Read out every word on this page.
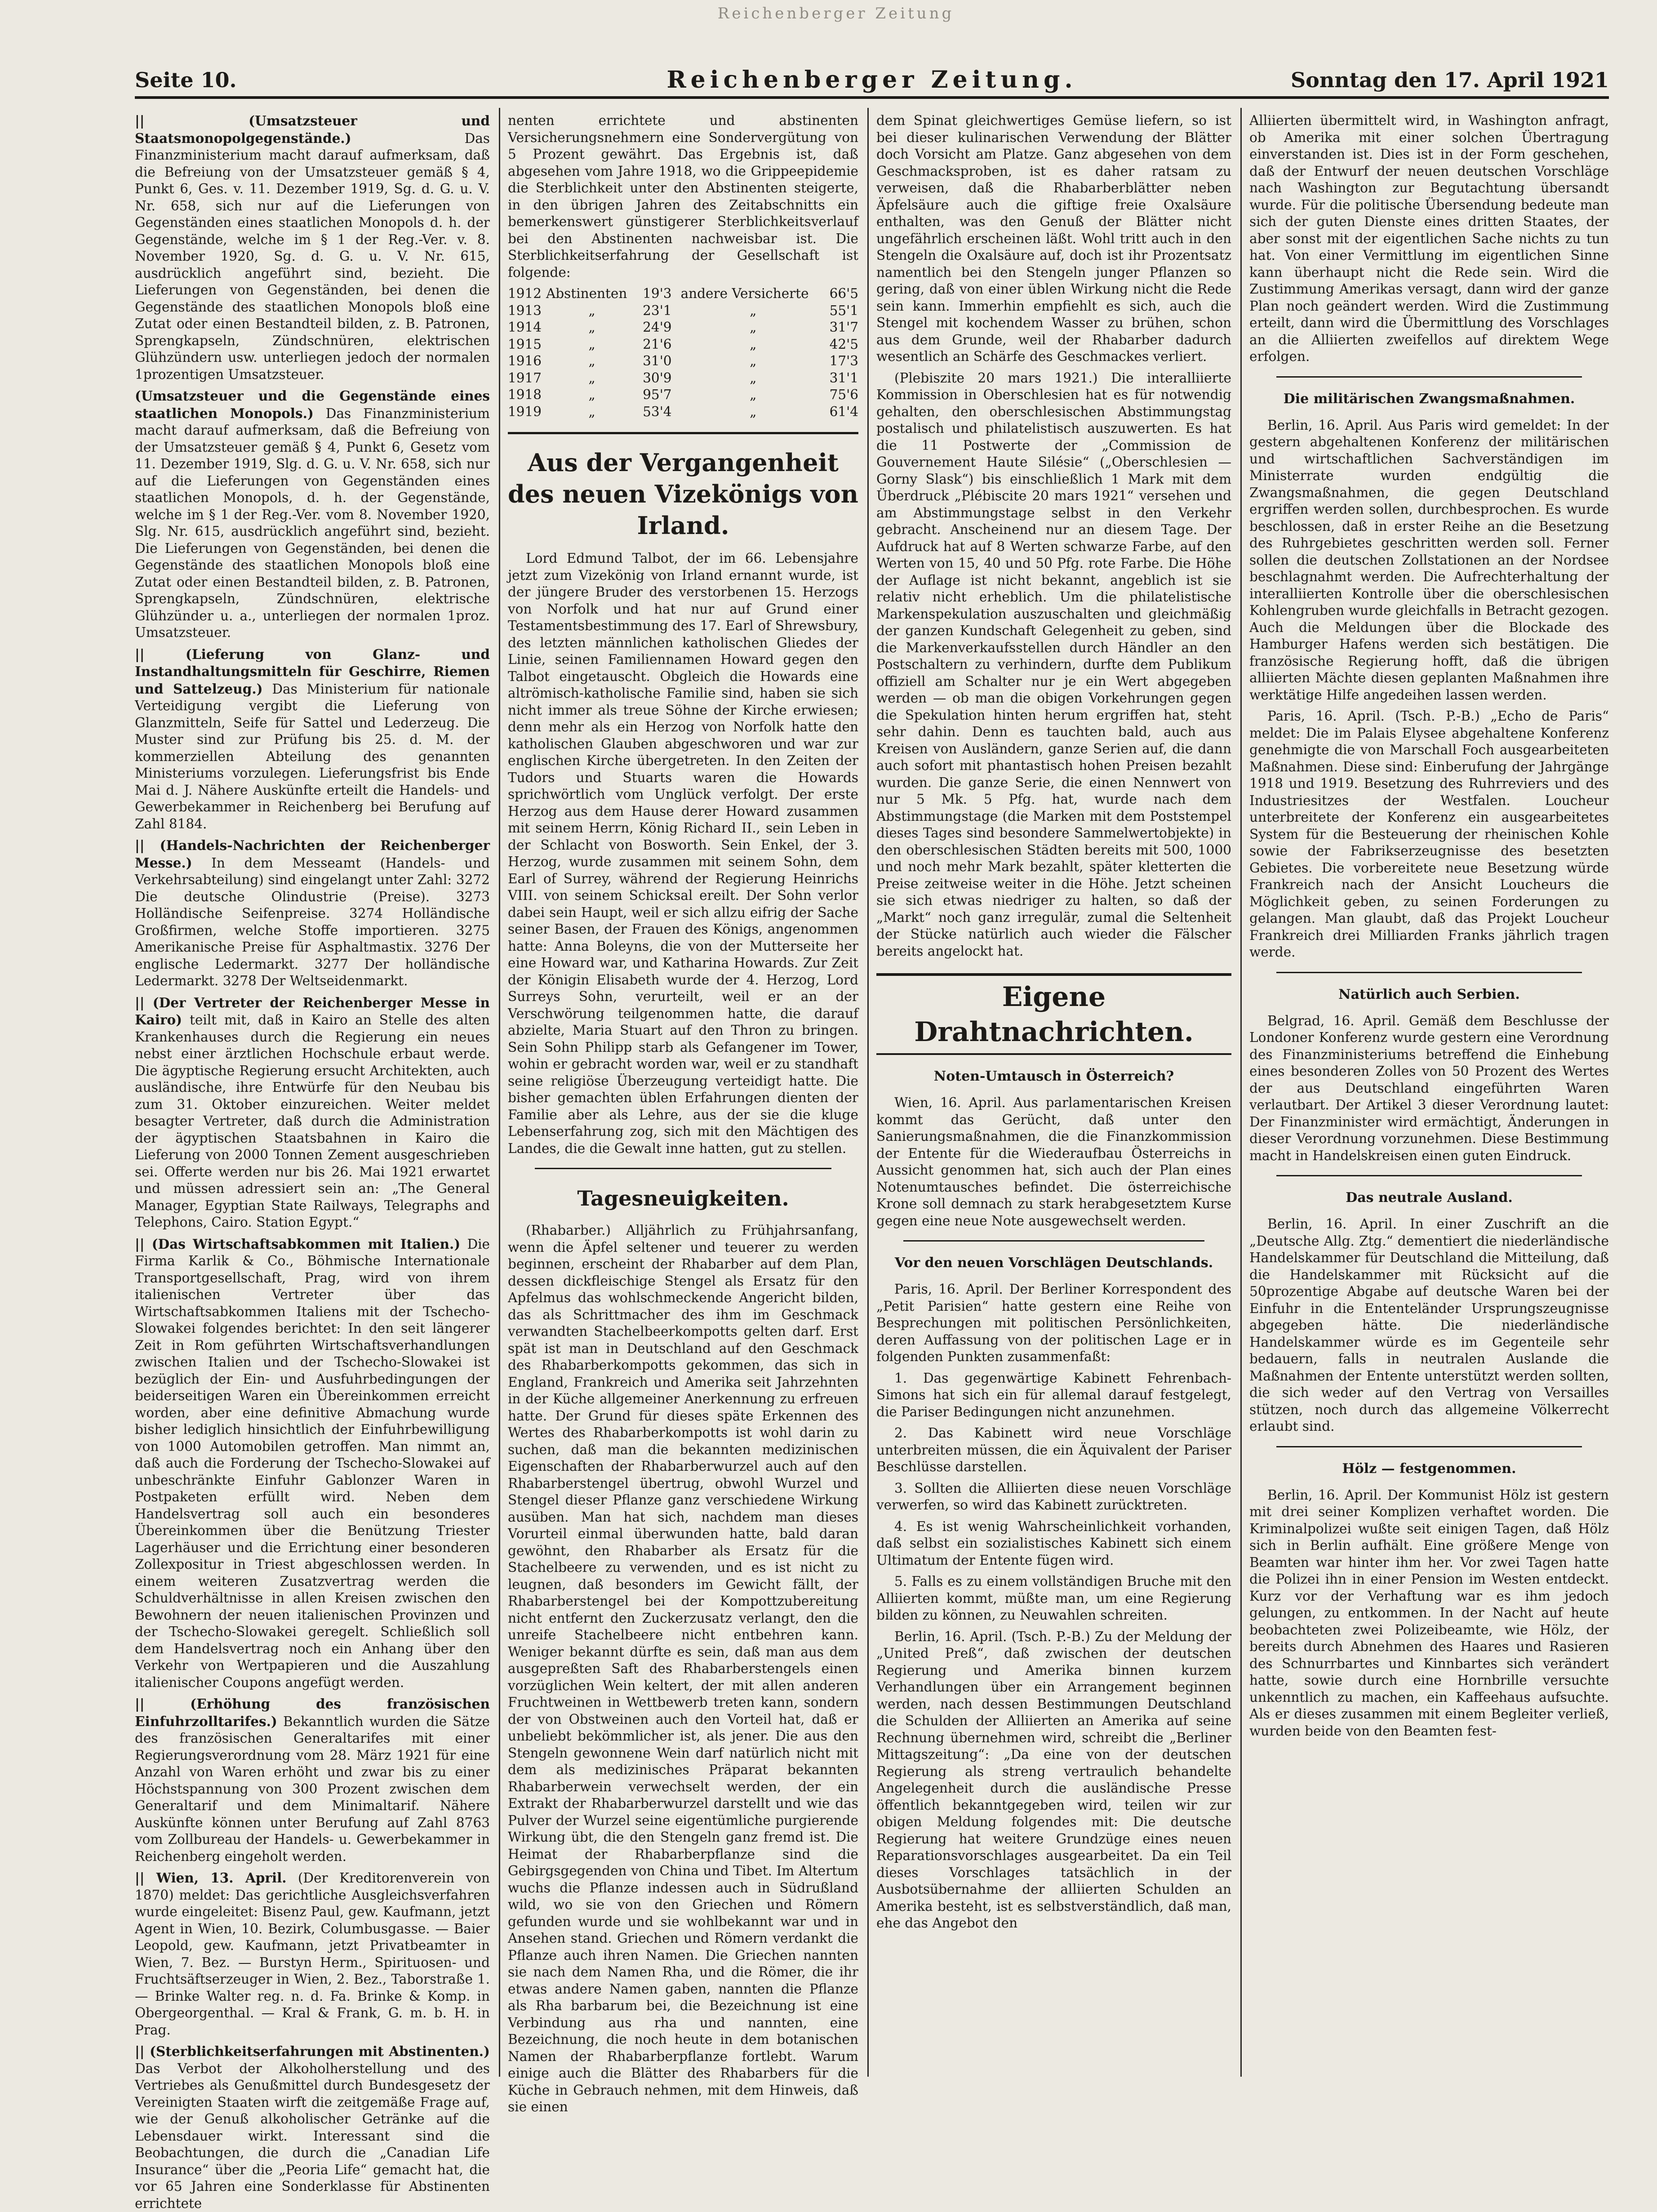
Reichenberger Zeitung
Seite 10.	Reichenberger Zeitung.	Sonntag den 17. April 1921

|| (Umsatzsteuer und Staatsmonopolgegenstände.)	Das Finanzministerium macht darauf aufmerksam, daß die Befreiung von der Umsatzsteuer gemäß § 4, Punkt 6, Ges. v. 11. Dezember 1919, Sg. d. G. u. V. Nr. 658, sich nur auf die Lieferungen von Gegenständen eines staatlichen Monopols d. h. der Gegenstände, welche im § 1 der Reg.-Ver. v. 8. November 1920, Sg. d. G. u. V. Nr. 615, ausdrücklich angeführt sind, bezieht. Die Lieferungen von Gegenständen, bei denen die Gegenstände des staatlichen Monopols bloß eine Zutat oder einen Bestandteil bilden, z. B. Patronen, Sprengkapseln, Zündschnüren, elektrischen Glühzündern usw. unterliegen jedoch der normalen 1prozentigen Umsatzsteuer.

(Umsatzsteuer und die Gegenstände eines staatlichen Monopols.) Das Finanzministerium macht darauf aufmerksam, daß die Befreiung von der Umsatzsteuer gemäß § 4, Punkt 6, Gesetz vom 11. Dezember 1919, Slg. d. G. u. V. Nr. 658, sich nur auf die Lieferungen von Gegenständen eines staatlichen Monopols, d. h. der Gegenstände, welche im § 1 der Reg.-Ver. vom 8. November 1920, Slg. Nr. 615, ausdrücklich angeführt sind, bezieht. Die Lieferungen von Gegenständen, bei denen die Gegenstände des staatlichen Monopols bloß eine Zutat oder einen Bestandteil bilden, z. B. Patronen, Sprengkapseln, Zündschnüren, elektrische Glühzünder u. a., unterliegen der normalen 1proz. Umsatzsteuer.

|| (Lieferung von Glanz- und Instandhaltungsmitteln für Geschirre, Riemen und Sattelzeug.) Das Ministerium für nationale Verteidigung vergibt die Lieferung von Glanzmitteln, Seife für Sattel und Lederzeug. Die Muster sind zur Prüfung bis 25. d. M. der kommerziellen Abteilung des genannten Ministeriums vorzulegen. Lieferungsfrist bis Ende Mai d. J. Nähere Auskünfte erteilt die Handels- und Gewerbekammer in Reichenberg bei Berufung auf Zahl 8184.

|| (Handels-Nachrichten der Reichenberger Messe.) In dem Messeamt (Handels- und Verkehrsabteilung) sind eingelangt unter Zahl: 3272 Die deutsche Olindustrie (Preise). 3273 Holländische Seifenpreise. 3274 Holländische Großfirmen, welche Stoffe importieren. 3275 Amerikanische Preise für Asphaltmastix. 3276 Der englische Ledermarkt. 3277 Der holländische Ledermarkt. 3278 Der Weltseidenmarkt.

|| (Der Vertreter der Reichenberger Messe in Kairo) teilt mit, daß in Kairo an Stelle des alten Krankenhauses durch die Regierung ein neues nebst einer ärztlichen Hochschule erbaut werde. Die ägyptische Regierung ersucht Architekten, auch ausländische, ihre Entwürfe für den Neubau bis zum 31. Oktober einzureichen. Weiter meldet besagter Vertreter, daß durch die Administration der ägyptischen Staatsbahnen in Kairo die Lieferung von 2000 Tonnen Zement ausgeschrieben sei. Offerte werden nur bis 26. Mai 1921 erwartet und müssen adressiert sein an: „The General Manager, Egyptian State Railways, Telegraphs and Telephons, Cairo. Station Egypt.“

|| (Das Wirtschaftsabkommen mit Italien.) Die Firma Karlik & Co., Böhmische Internationale Transportgesellschaft, Prag, wird von ihrem italienischen Vertreter über das Wirtschaftsabkommen Italiens mit der Tschecho-Slowakei folgendes berichtet: In den seit längerer Zeit in Rom geführten Wirtschaftsverhandlungen zwischen Italien und der Tschecho-Slowakei ist bezüglich der Ein- und Ausfuhrbedingungen der beiderseitigen Waren ein Übereinkommen erreicht worden, aber eine definitive Abmachung wurde bisher lediglich hinsichtlich der Einfuhrbewilligung von 1000 Automobilen getroffen. Man nimmt an, daß auch die Forderung der Tschecho-Slowakei auf unbeschränkte Einfuhr Gablonzer Waren in Postpaketen erfüllt wird. Neben dem Handelsvertrag soll auch ein besonderes Übereinkommen über die Benützung Triester Lagerhäuser und die Errichtung einer besonderen Zollexpositur in Triest abgeschlossen werden. In einem weiteren Zusatzvertrag werden die Schuldverhältnisse in allen Kreisen zwischen den Bewohnern der neuen italienischen Provinzen und der Tschecho-Slowakei geregelt. Schließlich soll dem Handelsvertrag noch ein Anhang über den Verkehr von Wertpapieren und die Auszahlung italienischer Coupons angefügt werden.

|| (Erhöhung des französischen Einfuhrzolltarifes.) Bekanntlich wurden die Sätze des französischen Generaltarifes mit einer Regierungsverordnung vom 28. März 1921 für eine Anzahl von Waren erhöht und zwar bis zu einer Höchstspannung von 300 Prozent zwischen dem Generaltarif und dem Minimaltarif. Nähere Auskünfte können unter Berufung auf Zahl 8763 vom Zollbureau der Handels- u. Gewerbekammer in Reichenberg eingeholt werden.

|| Wien, 13. April. (Der Kreditorenverein von 1870) meldet: Das gerichtliche Ausgleichsverfahren wurde eingeleitet: Bisenz Paul, gew. Kaufmann, jetzt Agent in Wien, 10. Bezirk, Columbusgasse. — Baier Leopold, gew. Kaufmann, jetzt Privatbeamter in Wien, 7. Bez. — Burstyn Herm., Spirituosen- und Fruchtsäftserzeuger in Wien, 2. Bez., Taborstraße 1. — Brinke Walter reg. n. d. Fa. Brinke & Komp. in Obergeorgenthal. — Kral & Frank, G. m. b. H. in Prag.

|| (Sterblichkeitserfahrungen mit Abstinenten.) Das Verbot der Alkoholherstellung und des Vertriebes als Genußmittel durch Bundesgesetz der Vereinigten Staaten wirft die zeitgemäße Frage auf, wie der Genuß alkoholischer Getränke auf die Lebensdauer wirkt. Interessant sind die Beobachtungen, die durch die „Canadian Life Insurance“ über die „Peoria Life“ gemacht hat, die vor 65 Jahren eine Sonderklasse für Abstinenten errichtete

nenten errichtete und abstinenten Versicherungsnehmern eine Sondervergütung von 5 Prozent gewährt. Das Ergebnis ist, daß abgesehen vom Jahre 1918, wo die Grippeepidemie die Sterblichkeit unter den Abstinenten steigerte, in den übrigen Jahren des Zeitabschnitts ein bemerkenswert günstigerer Sterblichkeitsverlauf bei den Abstinenten nachweisbar ist. Die Sterblichkeitserfahrung der Gesellschaft ist folgende:

1912	Abstinenten	19'3	andere Versicherte	66'5
1913	„	23'1	„	55'1
1914	„	24'9	„	31'7
1915	„	21'6	„	42'5
1916	„	31'0	„	17'3
1917	„	30'9	„	31'1
1918	„	95'7	„	75'6
1919	„	53'4	„	61'4
Aus der Vergangenheit des neuen Vizekönigs von Irland.

Lord Edmund Talbot, der im 66. Lebensjahre jetzt zum Vizekönig von Irland ernannt wurde, ist der jüngere Bruder des verstorbenen 15. Herzogs von Norfolk und hat nur auf Grund einer Testamentsbestimmung des 17. Earl of Shrewsbury, des letzten männlichen katholischen Gliedes der Linie, seinen Familiennamen Howard gegen den Talbot eingetauscht. Obgleich die Howards eine altrömisch-katholische Familie sind, haben sie sich nicht immer als treue Söhne der Kirche erwiesen; denn mehr als ein Herzog von Norfolk hatte den katholischen Glauben abgeschworen und war zur englischen Kirche übergetreten. In den Zeiten der Tudors und Stuarts waren die Howards sprichwörtlich vom Unglück verfolgt. Der erste Herzog aus dem Hause derer Howard zusammen mit seinem Herrn, König Richard II., sein Leben in der Schlacht von Bosworth. Sein Enkel, der 3. Herzog, wurde zusammen mit seinem Sohn, dem Earl of Surrey, während der Regierung Heinrichs VIII. von seinem Schicksal ereilt. Der Sohn verlor dabei sein Haupt, weil er sich allzu eifrig der Sache seiner Basen, der Frauen des Königs, angenommen hatte: Anna Boleyns, die von der Mutterseite her eine Howard war, und Katharina Howards. Zur Zeit der Königin Elisabeth wurde der 4. Herzog, Lord Surreys Sohn, verurteilt, weil er an der Verschwörung teilgenommen hatte, die darauf abzielte, Maria Stuart auf den Thron zu bringen. Sein Sohn Philipp starb als Gefangener im Tower, wohin er gebracht worden war, weil er zu standhaft seine religiöse Überzeugung verteidigt hatte. Die bisher gemachten üblen Erfahrungen dienten der Familie aber als Lehre, aus der sie die kluge Lebenserfahrung zog, sich mit den Mächtigen des Landes, die die Gewalt inne hatten, gut zu stellen.

Tagesneuigkeiten.

(Rhabarber.) Alljährlich zu Frühjahrsanfang, wenn die Äpfel seltener und teuerer zu werden beginnen, erscheint der Rhabarber auf dem Plan, dessen dickfleischige Stengel als Ersatz für den Apfelmus das wohlschmeckende Angericht bilden, das als Schrittmacher des ihm im Geschmack verwandten Stachelbeerkompotts gelten darf. Erst spät ist man in Deutschland auf den Geschmack des Rhabarberkompotts gekommen, das sich in England, Frankreich und Amerika seit Jahrzehnten in der Küche allgemeiner Anerkennung zu erfreuen hatte. Der Grund für dieses späte Erkennen des Wertes des Rhabarberkompotts ist wohl darin zu suchen, daß man die bekannten medizinischen Eigenschaften der Rhabarberwurzel auch auf den Rhabarberstengel übertrug, obwohl Wurzel und Stengel dieser Pflanze ganz verschiedene Wirkung ausüben. Man hat sich, nachdem man dieses Vorurteil einmal überwunden hatte, bald daran gewöhnt, den Rhabarber als Ersatz für die Stachelbeere zu verwenden, und es ist nicht zu leugnen, daß besonders im Gewicht fällt, der Rhabarberstengel bei der Kompottzubereitung nicht entfernt den Zuckerzusatz verlangt, den die unreife Stachelbeere nicht entbehren kann. Weniger bekannt dürfte es sein, daß man aus dem ausgepreßten Saft des Rhabarberstengels einen vorzüglichen Wein keltert, der mit allen anderen Fruchtweinen in Wettbewerb treten kann, sondern der von Obstweinen auch den Vorteil hat, daß er unbeliebt bekömmlicher ist, als jener. Die aus den Stengeln gewonnene Wein darf natürlich nicht mit dem als medizinisches Präparat bekannten Rhabarberwein verwechselt werden, der ein Extrakt der Rhabarberwurzel darstellt und wie das Pulver der Wurzel seine eigentümliche purgierende Wirkung übt, die den Stengeln ganz fremd ist. Die Heimat der Rhabarberpflanze sind die Gebirgsgegenden von China und Tibet. Im Altertum wuchs die Pflanze indessen auch in Südrußland wild, wo sie von den Griechen und Römern gefunden wurde und sie wohlbekannt war und in Ansehen stand. Griechen und Römern verdankt die Pflanze auch ihren Namen. Die Griechen nannten sie nach dem Namen Rha, und die Römer, die ihr etwas andere Namen gaben, nannten die Pflanze als Rha barbarum bei, die Bezeichnung ist eine Verbindung aus rha und nannten, eine Bezeichnung, die noch heute in dem botanischen Namen der Rhabarberpflanze fortlebt. Warum einige auch die Blätter des Rhabarbers für die Küche in Gebrauch nehmen, mit dem Hinweis, daß sie einen

dem Spinat gleichwertiges Gemüse liefern, so ist bei dieser kulinarischen Verwendung der Blätter doch Vorsicht am Platze. Ganz abgesehen von dem Geschmacksproben, ist es daher ratsam zu verweisen, daß die Rhabarberblätter neben Äpfelsäure auch die giftige freie Oxalsäure enthalten, was den Genuß der Blätter nicht ungefährlich erscheinen läßt. Wohl tritt auch in den Stengeln die Oxalsäure auf, doch ist ihr Prozentsatz namentlich bei den Stengeln junger Pflanzen so gering, daß von einer üblen Wirkung nicht die Rede sein kann. Immerhin empfiehlt es sich, auch die Stengel mit kochendem Wasser zu brühen, schon aus dem Grunde, weil der Rhabarber dadurch wesentlich an Schärfe des Geschmackes verliert.

(Plebiszite 20 mars 1921.) Die interalliierte Kommission in Oberschlesien hat es für notwendig gehalten, den oberschlesischen Abstimmungstag postalisch und philatelistisch auszuwerten. Es hat die 11 Postwerte der „Commission de Gouvernement Haute Silésie“ („Oberschlesien — Gorny Slask“) bis einschließlich 1 Mark mit dem Überdruck „Plébiscite 20 mars 1921“ versehen und am Abstimmungstage selbst in den Verkehr gebracht. Anscheinend nur an diesem Tage. Der Aufdruck hat auf 8 Werten schwarze Farbe, auf den Werten von 15, 40 und 50 Pfg. rote Farbe. Die Höhe der Auflage ist nicht bekannt, angeblich ist sie relativ nicht erheblich. Um die philatelistische Markenspekulation auszuschalten und gleichmäßig der ganzen Kundschaft Gelegenheit zu geben, sind die Markenverkaufsstellen durch Händler an den Postschaltern zu verhindern, durfte dem Publikum offiziell am Schalter nur je ein Wert abgegeben werden — ob man die obigen Vorkehrungen gegen die Spekulation hinten herum ergriffen hat, steht sehr dahin. Denn es tauchten bald, auch aus Kreisen von Ausländern, ganze Serien auf, die dann auch sofort mit phantastisch hohen Preisen bezahlt wurden. Die ganze Serie, die einen Nennwert von nur 5 Mk. 5 Pfg. hat, wurde nach dem Abstimmungstage (die Marken mit dem Poststempel dieses Tages sind besondere Sammelwertobjekte) in den oberschlesischen Städten bereits mit 500, 1000 und noch mehr Mark bezahlt, später kletterten die Preise zeitweise weiter in die Höhe. Jetzt scheinen sie sich etwas niedriger zu halten, so daß der „Markt“ noch ganz irregulär, zumal die Seltenheit der Stücke natürlich auch wieder die Fälscher bereits angelockt hat.

Eigene Drahtnachrichten.
Noten-Umtausch in Österreich?

Wien, 16. April. Aus parlamentarischen Kreisen kommt das Gerücht, daß unter den Sanierungsmaßnahmen, die die Finanzkommission der Entente für die Wiederaufbau Österreichs in Aussicht genommen hat, sich auch der Plan eines Notenumtausches befindet. Die österreichische Krone soll demnach zu stark herabgesetztem Kurse gegen eine neue Note ausgewechselt werden.

Vor den neuen Vorschlägen Deutschlands.

Paris, 16. April. Der Berliner Korrespondent des „Petit Parisien“ hatte gestern eine Reihe von Besprechungen mit politischen Persönlichkeiten, deren Auffassung von der politischen Lage er in folgenden Punkten zusammenfaßt:

1. Das gegenwärtige Kabinett Fehrenbach-Simons hat sich ein für allemal darauf festgelegt, die Pariser Bedingungen nicht anzunehmen.

2. Das Kabinett wird neue Vorschläge unterbreiten müssen, die ein Äquivalent der Pariser Beschlüsse darstellen.

3. Sollten die Alliierten diese neuen Vorschläge verwerfen, so wird das Kabinett zurücktreten.

4. Es ist wenig Wahrscheinlichkeit vorhanden, daß selbst ein sozialistisches Kabinett sich einem Ultimatum der Entente fügen wird.

5. Falls es zu einem vollständigen Bruche mit den Alliierten kommt, müßte man, um eine Regierung bilden zu können, zu Neuwahlen schreiten.

Berlin, 16. April. (Tsch. P.-B.) Zu der Meldung der „United Preß“, daß zwischen der deutschen Regierung und Amerika binnen kurzem Verhandlungen über ein Arrangement beginnen werden, nach dessen Bestimmungen Deutschland die Schulden der Alliierten an Amerika auf seine Rechnung übernehmen wird, schreibt die „Berliner Mittagszeitung“: „Da eine von der deutschen Regierung als streng vertraulich behandelte Angelegenheit durch die ausländische Presse öffentlich bekanntgegeben wird, teilen wir zur obigen Meldung folgendes mit: Die deutsche Regierung hat weitere Grundzüge eines neuen Reparationsvorschlages ausgearbeitet. Da ein Teil dieses Vorschlages tatsächlich in der Ausbotsübernahme der alliierten Schulden an Amerika besteht, ist es selbstverständlich, daß man, ehe das Angebot den

Alliierten übermittelt wird, in Washington anfragt, ob Amerika mit einer solchen Übertragung einverstanden ist. Dies ist in der Form geschehen, daß der Entwurf der neuen deutschen Vorschläge nach Washington zur Begutachtung übersandt wurde. Für die politische Übersendung bedeute man sich der guten Dienste eines dritten Staates, der aber sonst mit der eigentlichen Sache nichts zu tun hat. Von einer Vermittlung im eigentlichen Sinne kann überhaupt nicht die Rede sein. Wird die Zustimmung Amerikas versagt, dann wird der ganze Plan noch geändert werden. Wird die Zustimmung erteilt, dann wird die Übermittlung des Vorschlages an die Alliierten zweifellos auf direktem Wege erfolgen.

Die militärischen Zwangsmaßnahmen.

Berlin, 16. April. Aus Paris wird gemeldet: In der gestern abgehaltenen Konferenz der militärischen und wirtschaftlichen Sachverständigen im Ministerrate wurden endgültig die Zwangsmaßnahmen, die gegen Deutschland ergriffen werden sollen, durchbesprochen. Es wurde beschlossen, daß in erster Reihe an die Besetzung des Ruhrgebietes geschritten werden soll. Ferner sollen die deutschen Zollstationen an der Nordsee beschlagnahmt werden. Die Aufrechterhaltung der interalliierten Kontrolle über die oberschlesischen Kohlengruben wurde gleichfalls in Betracht gezogen. Auch die Meldungen über die Blockade des Hamburger Hafens werden sich bestätigen. Die französische Regierung hofft, daß die übrigen alliierten Mächte diesen geplanten Maßnahmen ihre werktätige Hilfe angedeihen lassen werden.

Paris, 16. April. (Tsch. P.-B.) „Echo de Paris“ meldet: Die im Palais Elysee abgehaltene Konferenz genehmigte die von Marschall Foch ausgearbeiteten Maßnahmen. Diese sind: Einberufung der Jahrgänge 1918 und 1919. Besetzung des Ruhrreviers und des Industriesitzes der Westfalen. Loucheur unterbreitete der Konferenz ein ausgearbeitetes System für die Besteuerung der rheinischen Kohle sowie der Fabrikserzeugnisse des besetzten Gebietes. Die vorbereitete neue Besetzung würde Frankreich nach der Ansicht Loucheurs die Möglichkeit geben, zu seinen Forderungen zu gelangen. Man glaubt, daß das Projekt Loucheur Frankreich drei Milliarden Franks jährlich tragen werde.

Natürlich auch Serbien.

Belgrad, 16. April. Gemäß dem Beschlusse der Londoner Konferenz wurde gestern eine Verordnung des Finanzministeriums betreffend die Einhebung eines besonderen Zolles von 50 Prozent des Wertes der aus Deutschland eingeführten Waren verlautbart. Der Artikel 3 dieser Verordnung lautet: Der Finanzminister wird ermächtigt, Änderungen in dieser Verordnung vorzunehmen. Diese Bestimmung macht in Handelskreisen einen guten Eindruck.

Das neutrale Ausland.

Berlin, 16. April. In einer Zuschrift an die „Deutsche Allg. Ztg.“ dementiert die niederländische Handelskammer für Deutschland die Mitteilung, daß die Handelskammer mit Rücksicht auf die 50prozentige Abgabe auf deutsche Waren bei der Einfuhr in die Ententeländer Ursprungszeugnisse abgegeben hätte. Die niederländische Handelskammer würde es im Gegenteile sehr bedauern, falls in neutralen Auslande die Maßnahmen der Entente unterstützt werden sollten, die sich weder auf den Vertrag von Versailles stützen, noch durch das allgemeine Völkerrecht erlaubt sind.

Hölz — festgenommen.

Berlin, 16. April. Der Kommunist Hölz ist gestern mit drei seiner Komplizen verhaftet worden. Die Kriminalpolizei wußte seit einigen Tagen, daß Hölz sich in Berlin aufhält. Eine größere Menge von Beamten war hinter ihm her. Vor zwei Tagen hatte die Polizei ihn in einer Pension im Westen entdeckt. Kurz vor der Verhaftung war es ihm jedoch gelungen, zu entkommen. In der Nacht auf heute beobachteten zwei Polizeibeamte, wie Hölz, der bereits durch Abnehmen des Haares und Rasieren des Schnurrbartes und Kinnbartes sich verändert hatte, sowie durch eine Hornbrille versuchte unkenntlich zu machen, ein Kaffeehaus aufsuchte. Als er dieses zusammen mit einem Begleiter verließ, wurden beide von den Beamten fest-
